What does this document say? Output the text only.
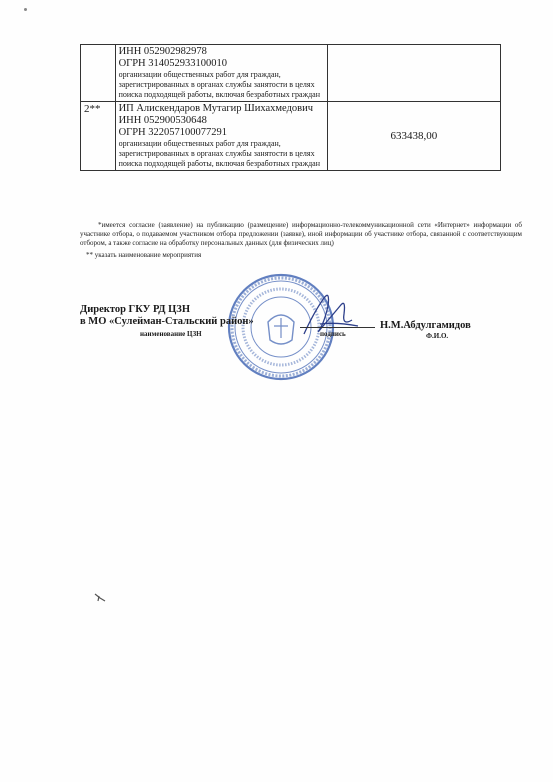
	ИНН 052902982978
ОГРН 314052933100010
организации общественных работ для граждан, зарегистрированных в органах службы занятости в целях поиска подходящей работы, включая безработных граждан	

2**	ИП Алискендаров Мутагир Шихахмедович
ИНН 052900530648
ОГРН 322057100077291
организации общественных работ для граждан, зарегистрированных в органах службы занятости в целях поиска подходящей работы, включая безработных граждан	633438,00
*имеется согласие (заявление) на публикацию (размещение) информационно-телекоммуникационной сети «Интернет» информации об участнике отбора, о подаваемом участником отбора предложении (заявке), иной информации об участнике отбора, связанной с соответствующим отбором, а также согласие на обработку персональных данных (для физических лиц)
** указать наименование мероприятия
Директор ГКУ РД ЦЗН
в МО «Сулейман-Стальский район»
наименование ЦЗН	подпись
Н.М.Абдулгамидов
Ф.И.О.
